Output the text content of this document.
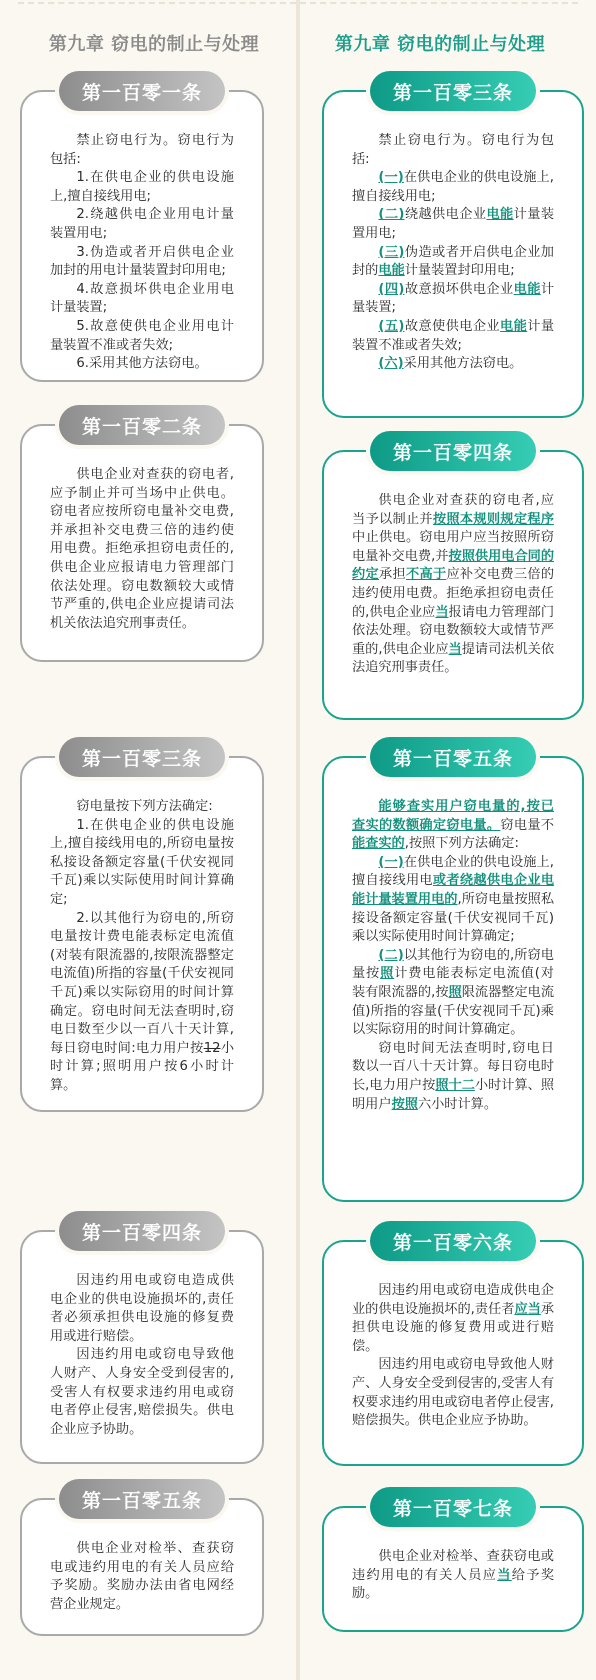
第九章 窃电的制止与处理	第九章 窃电的制止与处理
第一百零一条

禁止窃电行为。窃电行为包括:

1.在供电企业的供电设施上,擅自接线用电;

2.绕越供电企业用电计量装置用电;

3.伪造或者开启供电企业加封的用电计量装置封印用电;

4.故意损坏供电企业用电计量装置;

5.故意使供电企业用电计量装置不准或者失效;

6.采用其他方法窃电。

第一百零二条

供电企业对查获的窃电者,应予制止并可当场中止供电。窃电者应按所窃电量补交电费,并承担补交电费三倍的违约使用电费。拒绝承担窃电责任的,供电企业应报请电力管理部门依法处理。窃电数额较大或情节严重的,供电企业应提请司法机关依法追究刑事责任。

第一百零三条

窃电量按下列方法确定:

1.在供电企业的供电设施上,擅自接线用电的,所窃电量按私接设备额定容量(千伏安视同千瓦)乘以实际使用时间计算确定;

2.以其他行为窃电的,所窃电量按计费电能表标定电流值(对装有限流器的,按限流器整定电流值)所指的容量(千伏安视同千瓦)乘以实际窃用的时间计算确定。窃电时间无法查明时,窃电日数至少以一百八十天计算,每日窃电时间:电力用户按12小时计算;照明用户按6小时计算。

第一百零四条

因违约用电或窃电造成供电企业的供电设施损坏的,责任者必须承担供电设施的修复费用或进行赔偿。

因违约用电或窃电导致他人财产、人身安全受到侵害的,受害人有权要求违约用电或窃电者停止侵害,赔偿损失。供电企业应予协助。

第一百零五条

供电企业对检举、查获窃电或违约用电的有关人员应给予奖励。奖励办法由省电网经营企业规定。

第一百零三条

禁止窃电行为。窃电行为包括:

(一)在供电企业的供电设施上,擅自接线用电;

(二)绕越供电企业电能计量装置用电;

(三)伪造或者开启供电企业加封的电能计量装置封印用电;

(四)故意损坏供电企业电能计量装置;

(五)故意使供电企业电能计量装置不准或者失效;

(六)采用其他方法窃电。

第一百零四条

供电企业对查获的窃电者,应当予以制止并按照本规则规定程序中止供电。窃电用户应当按照所窃电量补交电费,并按照供用电合同的约定承担不高于应补交电费三倍的违约使用电费。拒绝承担窃电责任的,供电企业应当报请电力管理部门依法处理。窃电数额较大或情节严重的,供电企业应当提请司法机关依法追究刑事责任。

第一百零五条

能够查实用户窃电量的,按已查实的数额确定窃电量。窃电量不能查实的,按照下列方法确定:

(一)在供电企业的供电设施上,擅自接线用电或者绕越供电企业电能计量装置用电的,所窃电量按照私接设备额定容量(千伏安视同千瓦)乘以实际使用时间计算确定;

(二)以其他行为窃电的,所窃电量按照计费电能表标定电流值(对装有限流器的,按照限流器整定电流值)所指的容量(千伏安视同千瓦)乘以实际窃用的时间计算确定。

窃电时间无法查明时,窃电日数以一百八十天计算。每日窃电时长,电力用户按照十二小时计算、照明用户按照六小时计算。

第一百零六条

因违约用电或窃电造成供电企业的供电设施损坏的,责任者应当承担供电设施的修复费用或进行赔偿。

因违约用电或窃电导致他人财产、人身安全受到侵害的,受害人有权要求违约用电或窃电者停止侵害,赔偿损失。供电企业应予协助。

第一百零七条

供电企业对检举、查获窃电或违约用电的有关人员应当给予奖励。
